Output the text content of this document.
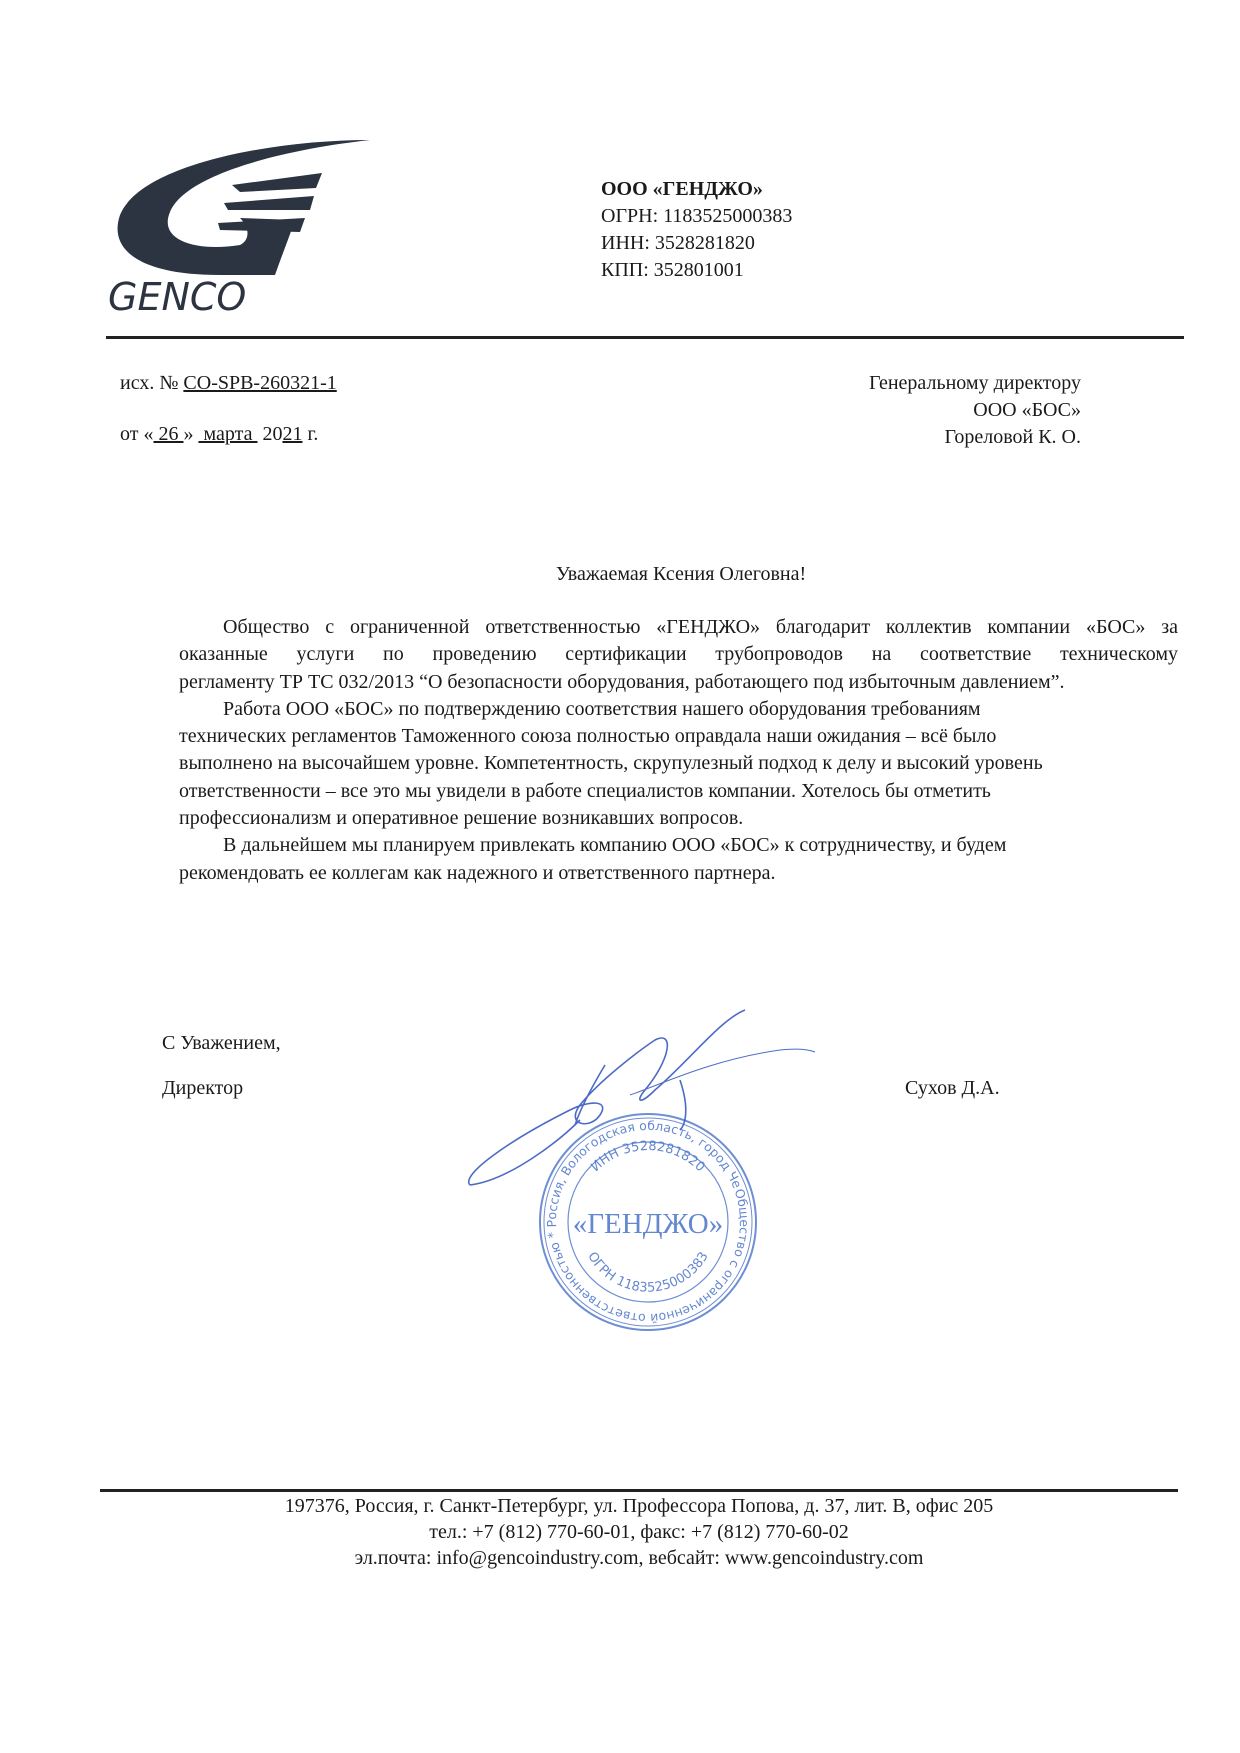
GENCO
ООО «ГЕНДЖО»
ОГРН: 1183525000383
ИНН: 3528281820
КПП: 352801001
исх. № CO-SPB-260321-1
от « 26 » марта 2021 г.
Генеральному директору
ООО «БОС»
Гореловой К. О.
Уважаемая Ксения Олеговна!
Общество с ограниченной ответственностью «ГЕНДЖО» благодарит коллектив компании «БОС» за
оказанные услуги по проведению сертификации трубопроводов на соответствие техническому
регламенту ТР ТС 032/2013 “О безопасности оборудования, работающего под избыточным давлением”.
Работа ООО «БОС» по подтверждению соответствия нашего оборудования требованиям
технических регламентов Таможенного союза полностью оправдала наши ожидания – всё было
выполнено на высочайшем уровне. Компетентность, скрупулезный подход к делу и высокий уровень
ответственности – все это мы увидели в работе специалистов компании. Хотелось бы отметить
профессионализм и оперативное решение возникавших вопросов.
В дальнейшем мы планируем привлекать компанию ООО «БОС» к сотрудничеству, и будем
рекомендовать ее коллегам как надежного и ответственного партнера.
С Уважением,
Директор	Сухов Д.А.
Общество с ограниченной ответственностью * Россия, Вологодская область, город Че
ИНН 3528281820
ОГРН 1183525000383
«ГЕНДЖО»
197376, Россия, г. Санкт-Петербург, ул. Профессора Попова, д. 37, лит. В, офис 205
тел.: +7 (812) 770-60-01, факс: +7 (812) 770-60-02
эл.почта: info@gencoindustry.com, вебсайт: www.gencoindustry.com
